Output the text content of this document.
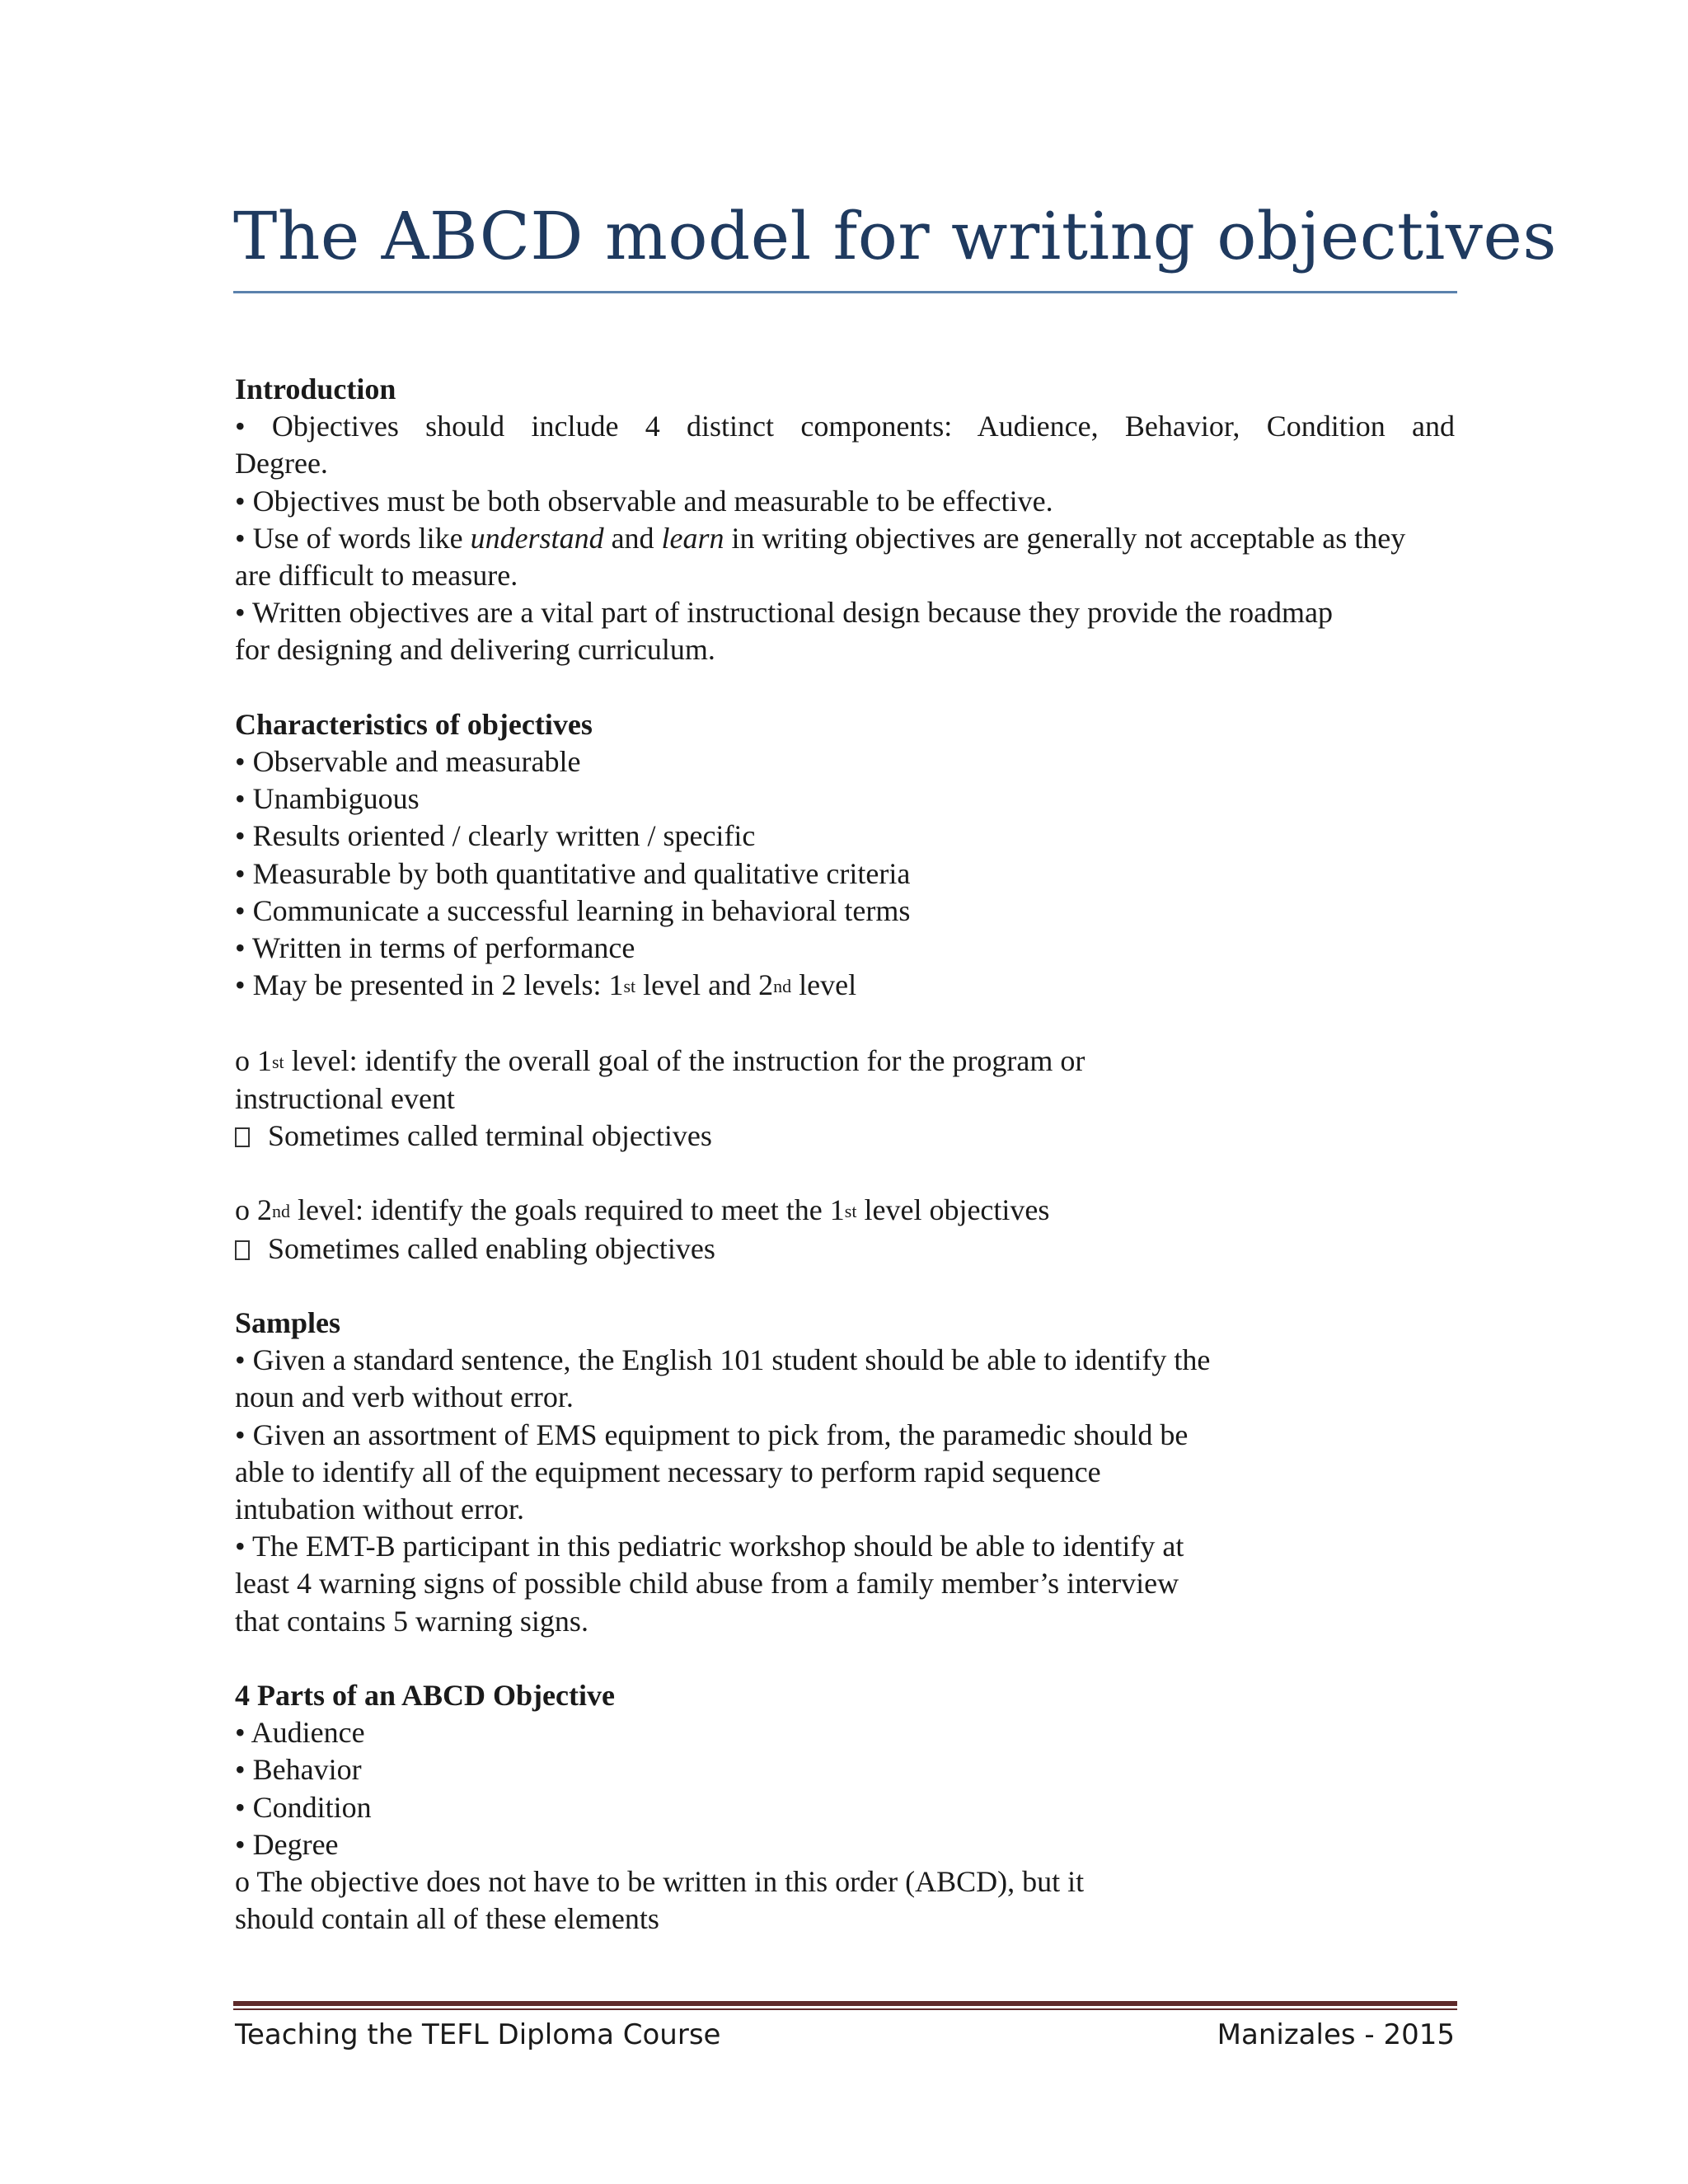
The ABCD model for writing objectives
Introduction
• Objectives should include 4 distinct components: Audience, Behavior, Condition and
Degree.
• Objectives must be both observable and measurable to be effective.
• Use of words like understand and learn in writing objectives are generally not acceptable as they
are difficult to measure.
• Written objectives are a vital part of instructional design because they provide the roadmap
for designing and delivering curriculum.
Characteristics of objectives
• Observable and measurable
• Unambiguous
• Results oriented / clearly written / specific
• Measurable by both quantitative and qualitative criteria
• Communicate a successful learning in behavioral terms
• Written in terms of performance
• May be presented in 2 levels: 1st level and 2nd level
o 1st level: identify the overall goal of the instruction for the program or
instructional event
Sometimes called terminal objectives
o 2nd level: identify the goals required to meet the 1st level objectives
Sometimes called enabling objectives
Samples
• Given a standard sentence, the English 101 student should be able to identify the
noun and verb without error.
• Given an assortment of EMS equipment to pick from, the paramedic should be
able to identify all of the equipment necessary to perform rapid sequence
intubation without error.
• The EMT-B participant in this pediatric workshop should be able to identify at
least 4 warning signs of possible child abuse from a family member’s interview
that contains 5 warning signs.
4 Parts of an ABCD Objective
• Audience
• Behavior
• Condition
• Degree
o The objective does not have to be written in this order (ABCD), but it
should contain all of these elements
Teaching the TEFL Diploma Course	Manizales - 2015
